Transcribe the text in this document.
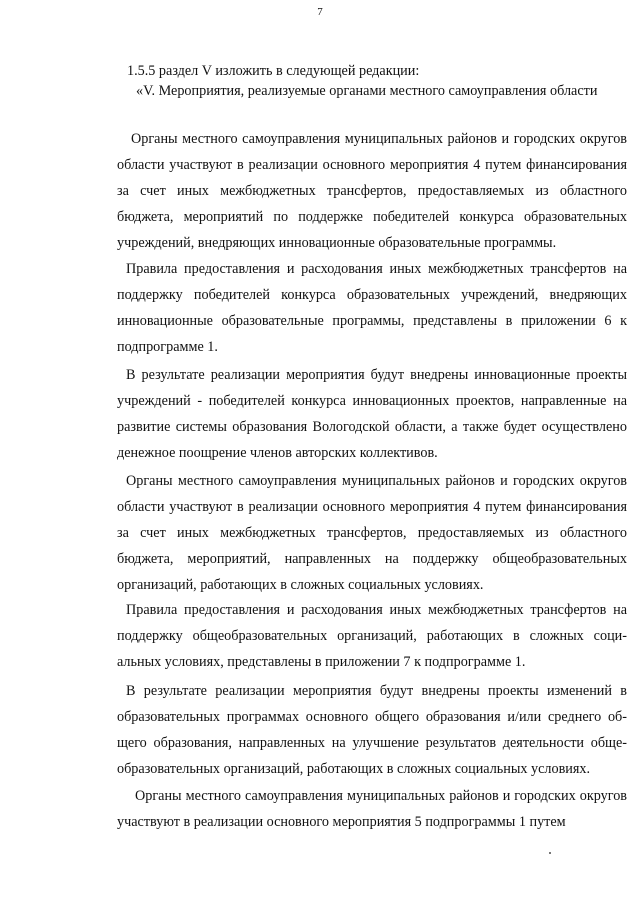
7
1.5.5 раздел V изложить в следующей редакции:
«V. Мероприятия, реализуемые органами местного самоуправления области

Органы местного самоуправления муниципальных районов и городских округов области участвуют в реализации основного мероприятия 4 путем финансирования за счет иных межбюджетных трансфертов, предоставляемых из областного бюджета, мероприятий по поддержке победителей конкурса образовательных учреждений, внедряющих инновационные образовательные программы.

Правила предоставления и расходования иных межбюджетных трансфертов на поддержку победителей конкурса образовательных учреждений, внедряющих инновационные образовательные программы, представлены в приложении 6 к подпрограмме 1.

В результате реализации мероприятия будут внедрены инновационные проекты учреждений - победителей конкурса инновационных проектов, направленные на развитие системы образования Вологодской области, а также будет осуществлено денежное поощрение членов авторских коллективов.

Органы местного самоуправления муниципальных районов и городских округов области участвуют в реализации основного мероприятия 4 путем финансирования за счет иных межбюджетных трансфертов, предоставляемых из областного бюджета, мероприятий, направленных на поддержку общеобразовательных организаций, работающих в сложных социальных условиях.

Правила предоставления и расходования иных межбюджетных трансфертов на поддержку общеобразовательных организаций, работающих в сложных социальных условиях, представлены в приложении 7 к подпрограмме 1.

В результате реализации мероприятия будут внедрены проекты изменений в образовательных программах основного общего образования и/или среднего общего образования, направленных на улучшение результатов деятельности общеобразовательных организаций, работающих в сложных социальных условиях.

Органы местного самоуправления муниципальных районов и городских округов участвуют в реализации основного мероприятия 5 подпрограммы 1 путем
